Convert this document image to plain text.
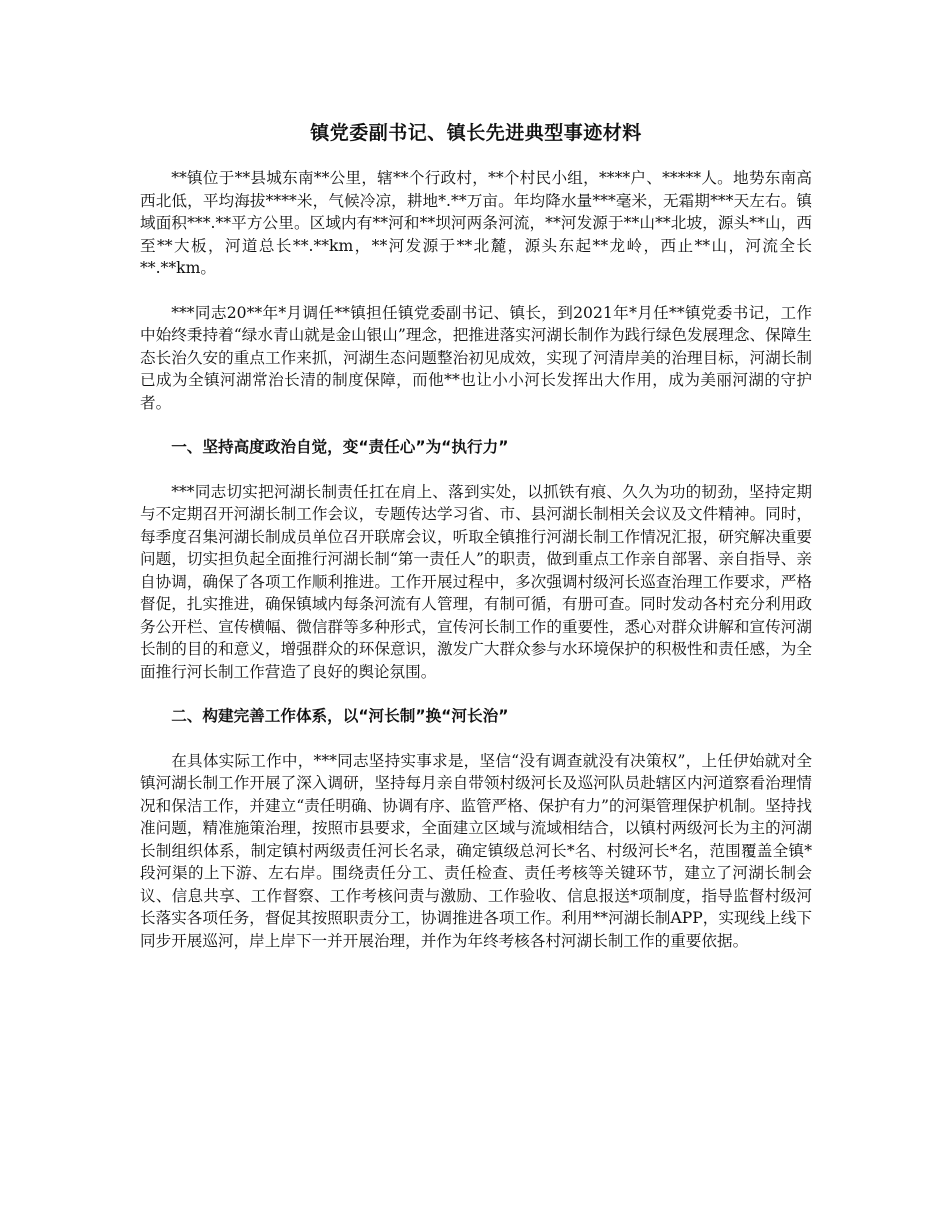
镇党委副书记、镇长先进典型事迹材料

**镇位于**县城东南**公里，辖**个行政村，**个村民小组，****户、*****人。地势东南高西北低，平均海拔****米，气候冷凉，耕地*.**万亩。年均降水量***毫米，无霜期***天左右。镇域面积***.**平方公里。区域内有**河和**坝河两条河流，**河发源于**山**北坡，源头**山，西至**大板，河道总长**.**km，**河发源于**北麓，源头东起**龙岭，西止**山，河流全长**.**km。

***同志20**年*月调任**镇担任镇党委副书记、镇长，到2021年*月任**镇党委书记，工作中始终秉持着“绿水青山就是金山银山”理念，把推进落实河湖长制作为践行绿色发展理念、保障生态长治久安的重点工作来抓，河湖生态问题整治初见成效，实现了河清岸美的治理目标，河湖长制已成为全镇河湖常治长清的制度保障，而他**也让小小河长发挥出大作用，成为美丽河湖的守护者。

一、坚持高度政治自觉，变“责任心”为“执行力”

***同志切实把河湖长制责任扛在肩上、落到实处，以抓铁有痕、久久为功的韧劲，坚持定期与不定期召开河湖长制工作会议，专题传达学习省、市、县河湖长制相关会议及文件精神。同时，每季度召集河湖长制成员单位召开联席会议，听取全镇推行河湖长制工作情况汇报，研究解决重要问题，切实担负起全面推行河湖长制“第一责任人”的职责，做到重点工作亲自部署、亲自指导、亲自协调，确保了各项工作顺利推进。工作开展过程中，多次强调村级河长巡查治理工作要求，严格督促，扎实推进，确保镇域内每条河流有人管理，有制可循，有册可查。同时发动各村充分利用政务公开栏、宣传横幅、微信群等多种形式，宣传河长制工作的重要性，悉心对群众讲解和宣传河湖长制的目的和意义，增强群众的环保意识，激发广大群众参与水环境保护的积极性和责任感，为全面推行河长制工作营造了良好的舆论氛围。

二、构建完善工作体系，以“河长制”换“河长治”

在具体实际工作中，***同志坚持实事求是，坚信“没有调查就没有决策权”，上任伊始就对全镇河湖长制工作开展了深入调研，坚持每月亲自带领村级河长及巡河队员赴辖区内河道察看治理情况和保洁工作，并建立“责任明确、协调有序、监管严格、保护有力”的河渠管理保护机制。坚持找准问题，精准施策治理，按照市县要求，全面建立区域与流域相结合，以镇村两级河长为主的河湖长制组织体系，制定镇村两级责任河长名录，确定镇级总河长*名、村级河长*名，范围覆盖全镇*段河渠的上下游、左右岸。围绕责任分工、责任检查、责任考核等关键环节，建立了河湖长制会议、信息共享、工作督察、工作考核问责与激励、工作验收、信息报送*项制度，指导监督村级河长落实各项任务，督促其按照职责分工，协调推进各项工作。利用**河湖长制APP，实现线上线下同步开展巡河，岸上岸下一并开展治理，并作为年终考核各村河湖长制工作的重要依据。
